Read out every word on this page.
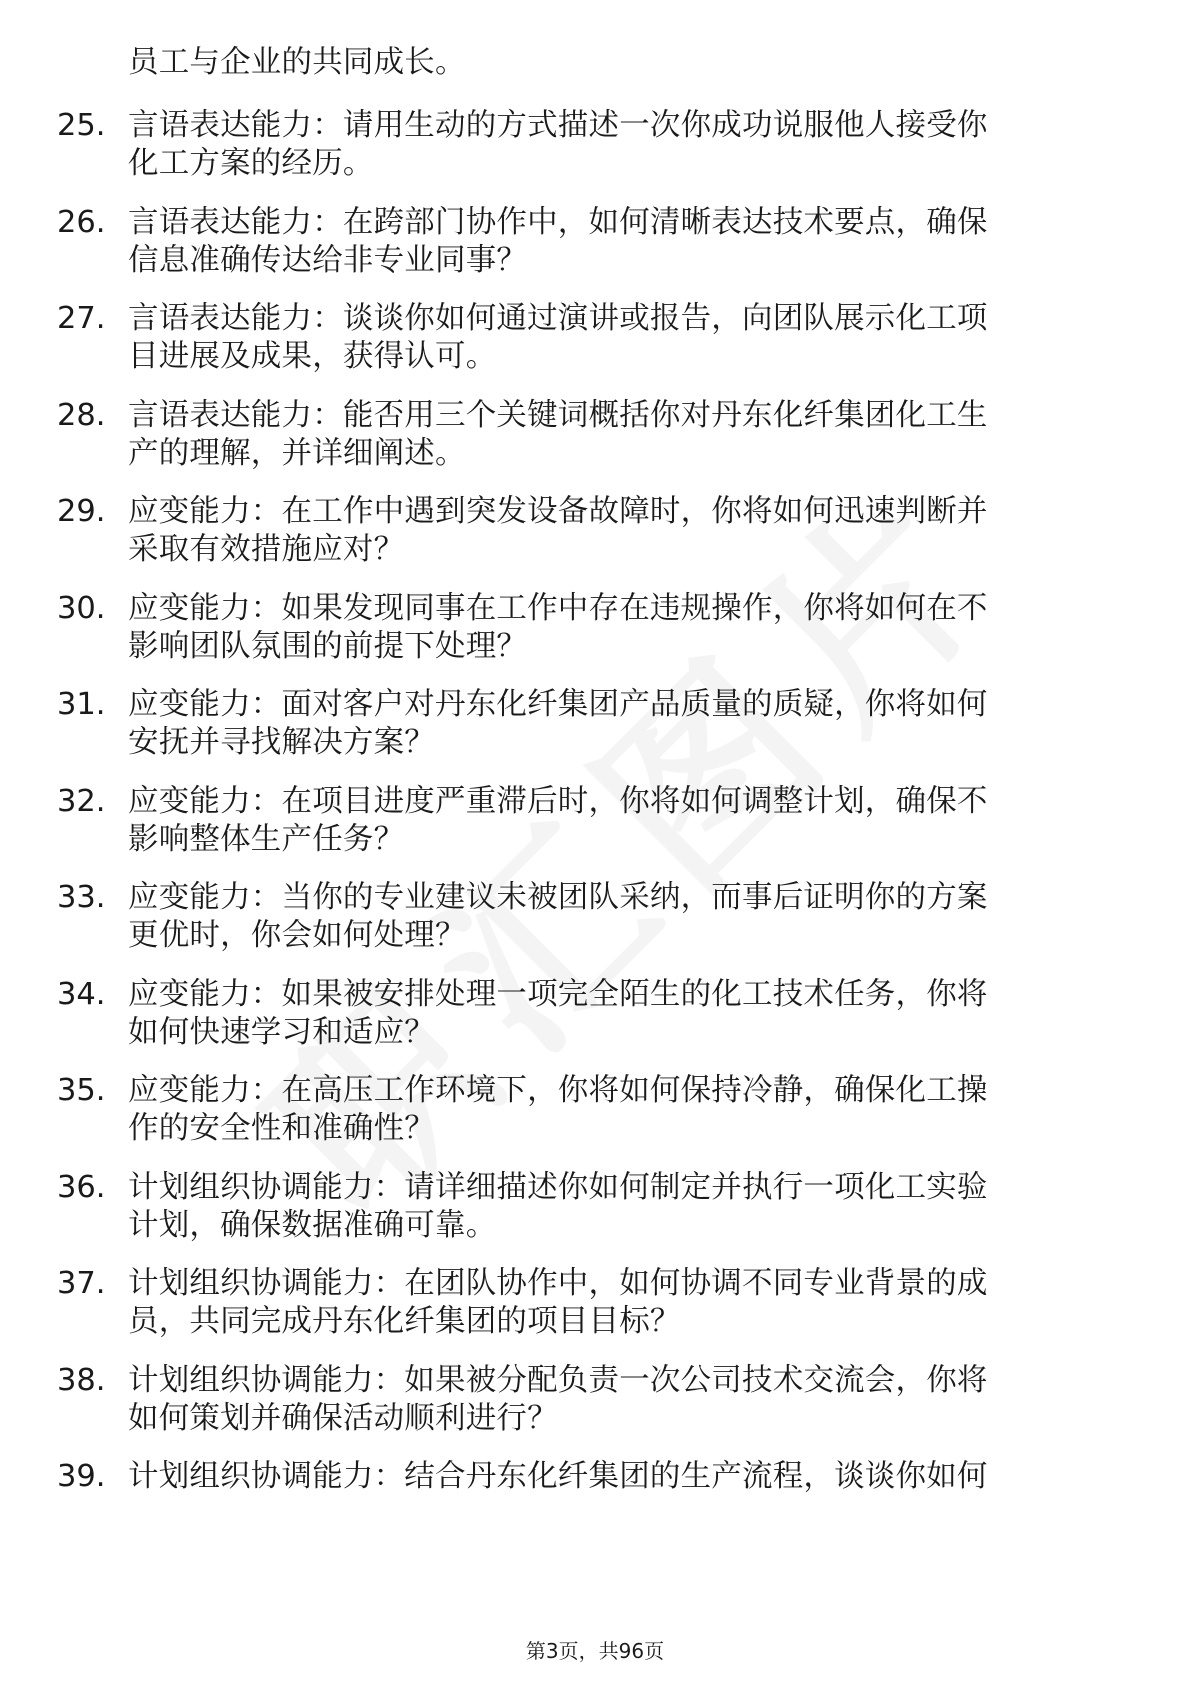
员工与企业的共同成长。
25. 言语表达能力：请用生动的方式描述一次你成功说服他人接受你
化工方案的经历。
26. 言语表达能力：在跨部门协作中，如何清晰表达技术要点，确保
信息准确传达给非专业同事？
27. 言语表达能力：谈谈你如何通过演讲或报告，向团队展示化工项
目进展及成果，获得认可。
28. 言语表达能力：能否用三个关键词概括你对丹东化纤集团化工生
产的理解，并详细阐述。
29. 应变能力：在工作中遇到突发设备故障时，你将如何迅速判断并
采取有效措施应对？
30. 应变能力：如果发现同事在工作中存在违规操作，你将如何在不
影响团队氛围的前提下处理？
31. 应变能力：面对客户对丹东化纤集团产品质量的质疑，你将如何
安抚并寻找解决方案？
32. 应变能力：在项目进度严重滞后时，你将如何调整计划，确保不
影响整体生产任务？
33. 应变能力：当你的专业建议未被团队采纳，而事后证明你的方案
更优时，你会如何处理？
34. 应变能力：如果被安排处理一项完全陌生的化工技术任务，你将
如何快速学习和适应？
35. 应变能力：在高压工作环境下，你将如何保持冷静，确保化工操
作的安全性和准确性？
36. 计划组织协调能力：请详细描述你如何制定并执行一项化工实验
计划，确保数据准确可靠。
37. 计划组织协调能力：在团队协作中，如何协调不同专业背景的成
员，共同完成丹东化纤集团的项目目标？
38. 计划组织协调能力：如果被分配负责一次公司技术交流会，你将
如何策划并确保活动顺利进行？
39. 计划组织协调能力：结合丹东化纤集团的生产流程，谈谈你如何
第3页，共96页
